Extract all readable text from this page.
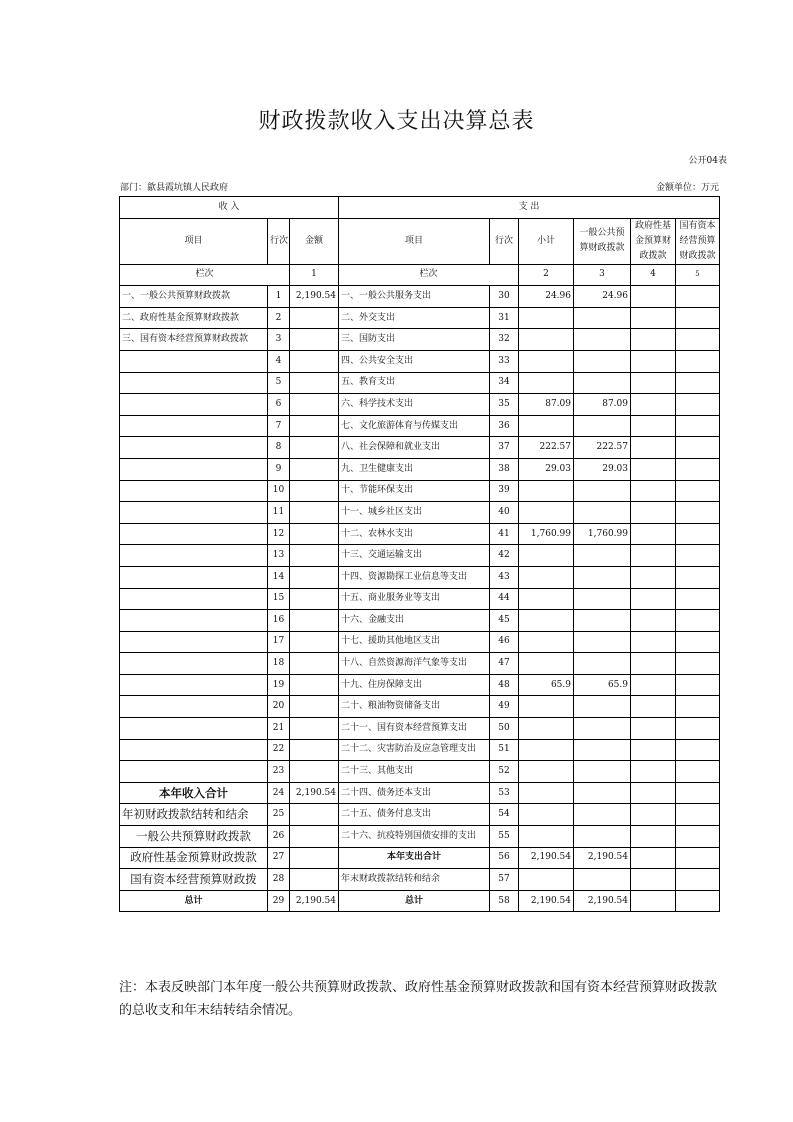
财政拨款收入支出决算总表
公开04表
部门：歙县霞坑镇人民政府	金额单位：万元
收 入			支 出					
项目	行次	金额	项目	行次	小计	一般公共预算财政拨款	政府性基金预算财政拨款	国有资本经营预算财政拨款
栏次		1	栏次		2	3	4	5
一、一般公共预算财政拨款	1	2,190.54	一、一般公共服务支出	30	24.96	24.96		
二、政府性基金预算财政拨款	2		二、外交支出	31				
三、国有资本经营预算财政拨款	3		三、国防支出	32				
	4		四、公共安全支出	33				
	5		五、教育支出	34				
	6		六、科学技术支出	35	87.09	87.09		
	7		七、文化旅游体育与传媒支出	36				
	8		八、社会保障和就业支出	37	222.57	222.57		
	9		九、卫生健康支出	38	29.03	29.03		
	10		十、节能环保支出	39				
	11		十一、城乡社区支出	40				
	12		十二、农林水支出	41	1,760.99	1,760.99		
	13		十三、交通运输支出	42				
	14		十四、资源勘探工业信息等支出	43				
	15		十五、商业服务业等支出	44				
	16		十六、金融支出	45				
	17		十七、援助其他地区支出	46				
	18		十八、自然资源海洋气象等支出	47				
	19		十九、住房保障支出	48	65.9	65.9		
	20		二十、粮油物资储备支出	49				
	21		二十一、国有资本经营预算支出	50				
	22		二十二、灾害防治及应急管理支出	51				
	23		二十三、其他支出	52				
本年收入合计	24	2,190.54	二十四、债务还本支出	53				
年初财政拨款结转和结余	25		二十五、债务付息支出	54				
一般公共预算财政拨款	26		二十六、抗疫特别国债安排的支出	55				
政府性基金预算财政拨款	27		本年支出合计	56	2,190.54	2,190.54		
国有资本经营预算财政拨	28		年末财政拨款结转和结余	57				
总计	29	2,190.54	总计	58	2,190.54	2,190.54		
注：本表反映部门本年度一般公共预算财政拨款、政府性基金预算财政拨款和国有资本经营预算财政拨款的总收支和年末结转结余情况。
